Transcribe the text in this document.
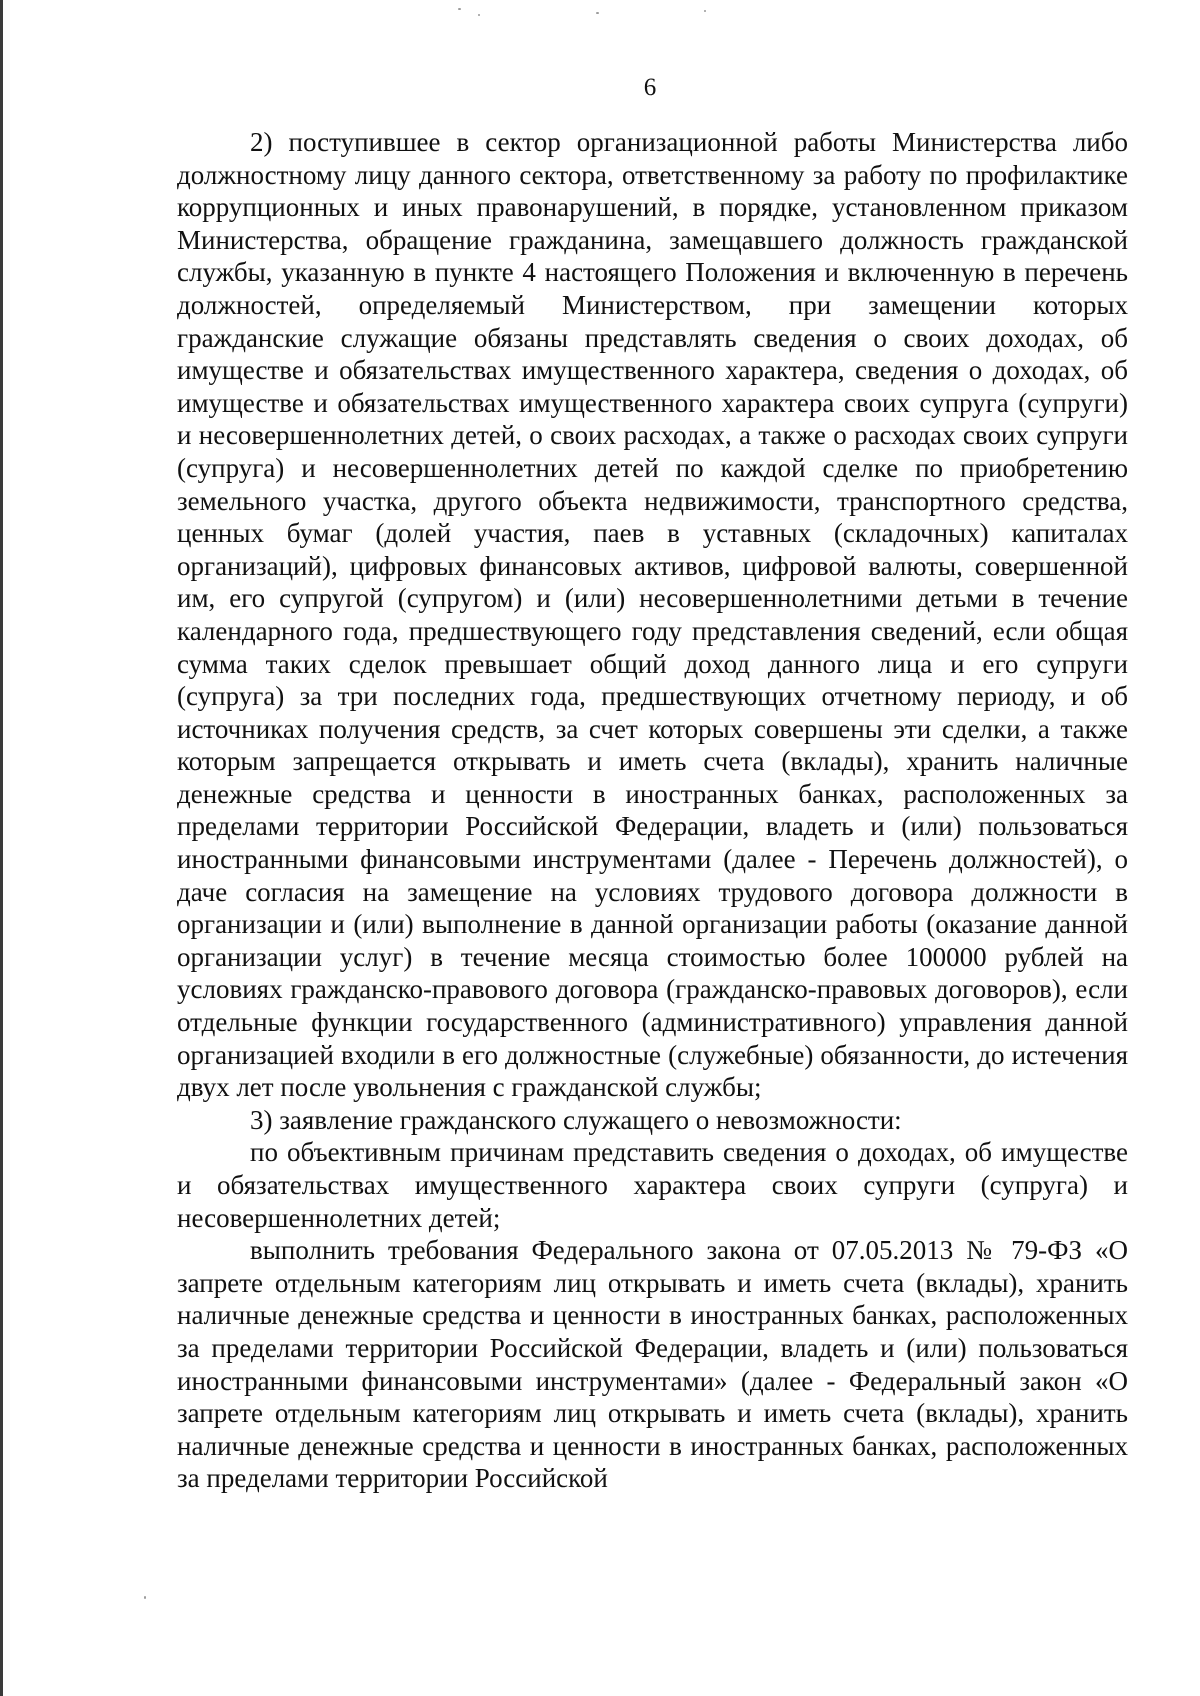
6

2) поступившее в сектор организационной работы Министерства либо должностному лицу данного сектора, ответственному за работу по профилактике коррупционных и иных правонарушений, в порядке, установленном приказом Министерства, обращение гражданина, замещавшего должность гражданской службы, указанную в пункте 4 настоящего Положения и включенную в перечень должностей, определяемый Министерством, при замещении которых гражданские служащие обязаны представлять сведения о своих доходах, об имуществе и обязательствах имущественного характера, сведения о доходах, об имуществе и обязательствах имущественного характера своих супруга (супруги) и несовершеннолетних детей, о своих расходах, а также о расходах своих супруги (супруга) и несовершеннолетних детей по каждой сделке по приобретению земельного участка, другого объекта недвижимости, транспортного средства, ценных бумаг (долей участия, паев в уставных (складочных) капиталах организаций), цифровых финансовых активов, цифровой валюты, совершенной им, его супругой (супругом) и (или) несовершеннолетними детьми в течение календарного года, предшествующего году представления сведений, если общая сумма таких сделок превышает общий доход данного лица и его супруги (супруга) за три последних года, предшествующих отчетному периоду, и об источниках получения средств, за счет которых совершены эти сделки, а также которым запрещается открывать и иметь счета (вклады), хранить наличные денежные средства и ценности в иностранных банках, расположенных за пределами территории Российской Федерации, владеть и (или) пользоваться иностранными финансовыми инструментами (далее - Перечень должностей), о даче согласия на замещение на условиях трудового договора должности в организации и (или) выполнение в данной организации работы (оказание данной организации услуг) в течение месяца стоимостью более 100000 рублей на условиях гражданско-правового договора (гражданско-правовых договоров), если отдельные функции государственного (административного) управления данной организацией входили в его должностные (служебные) обязанности, до истечения двух лет после увольнения с гражданской службы;

3) заявление гражданского служащего о невозможности:

по объективным причинам представить сведения о доходах, об имуществе и обязательствах имущественного характера своих супруги (супруга) и несовершеннолетних детей;

выполнить требования Федерального закона от 07.05.2013 № 79-ФЗ «О запрете отдельным категориям лиц открывать и иметь счета (вклады), хранить наличные денежные средства и ценности в иностранных банках, расположенных за пределами территории Российской Федерации, владеть и (или) пользоваться иностранными финансовыми инструментами» (далее - Федеральный закон «О запрете отдельным категориям лиц открывать и иметь счета (вклады), хранить наличные денежные средства и ценности в иностранных банках, расположенных за пределами территории Российской
